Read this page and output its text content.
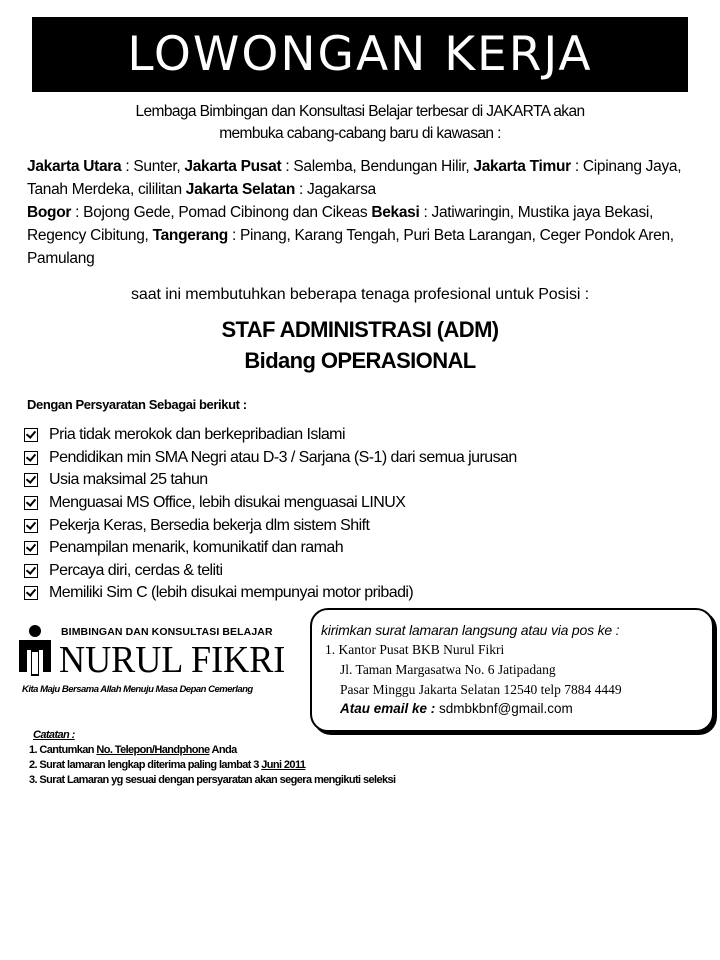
LOWONGAN KERJA
Lembaga Bimbingan dan Konsultasi Belajar terbesar di JAKARTA akan
membuka cabang-cabang baru di kawasan :
Jakarta Utara : Sunter, Jakarta Pusat : Salemba, Bendungan Hilir, Jakarta Timur : Cipinang Jaya, Tanah Merdeka, cililitan Jakarta Selatan : Jagakarsa
Bogor : Bojong Gede, Pomad Cibinong dan Cikeas Bekasi : Jatiwaringin, Mustika jaya Bekasi, Regency Cibitung, Tangerang : Pinang, Karang Tengah, Puri Beta Larangan, Ceger Pondok Aren, Pamulang
saat ini membutuhkan beberapa tenaga profesional untuk Posisi :
STAF ADMINISTRASI (ADM)
Bidang OPERASIONAL
Dengan Persyaratan Sebagai berikut :
Pria tidak merokok dan berkepribadian Islami
Pendidikan min SMA Negri atau D-3 / Sarjana (S-1) dari semua jurusan
Usia maksimal 25 tahun
Menguasai MS Office, lebih disukai menguasai LINUX
Pekerja Keras, Bersedia bekerja dlm sistem Shift
Penampilan menarik, komunikatif dan ramah
Percaya diri, cerdas & teliti
Memiliki Sim C (lebih disukai mempunyai motor pribadi)
BIMBINGAN DAN KONSULTASI BELAJAR
NURUL FIKRI
Kita Maju Bersama Allah Menuju Masa Depan Cemerlang
kirimkan surat lamaran langsung atau via pos ke :
1. Kantor Pusat BKB Nurul Fikri
Jl. Taman Margasatwa No. 6 Jatipadang
Pasar Minggu Jakarta Selatan 12540 telp 7884 4449
Atau email ke : sdmbkbnf@gmail.com
Catatan :
1. Cantumkan No. Telepon/Handphone Anda
2. Surat lamaran lengkap diterima paling lambat 3 Juni 2011
3. Surat Lamaran yg sesuai dengan persyaratan akan segera mengikuti seleksi
